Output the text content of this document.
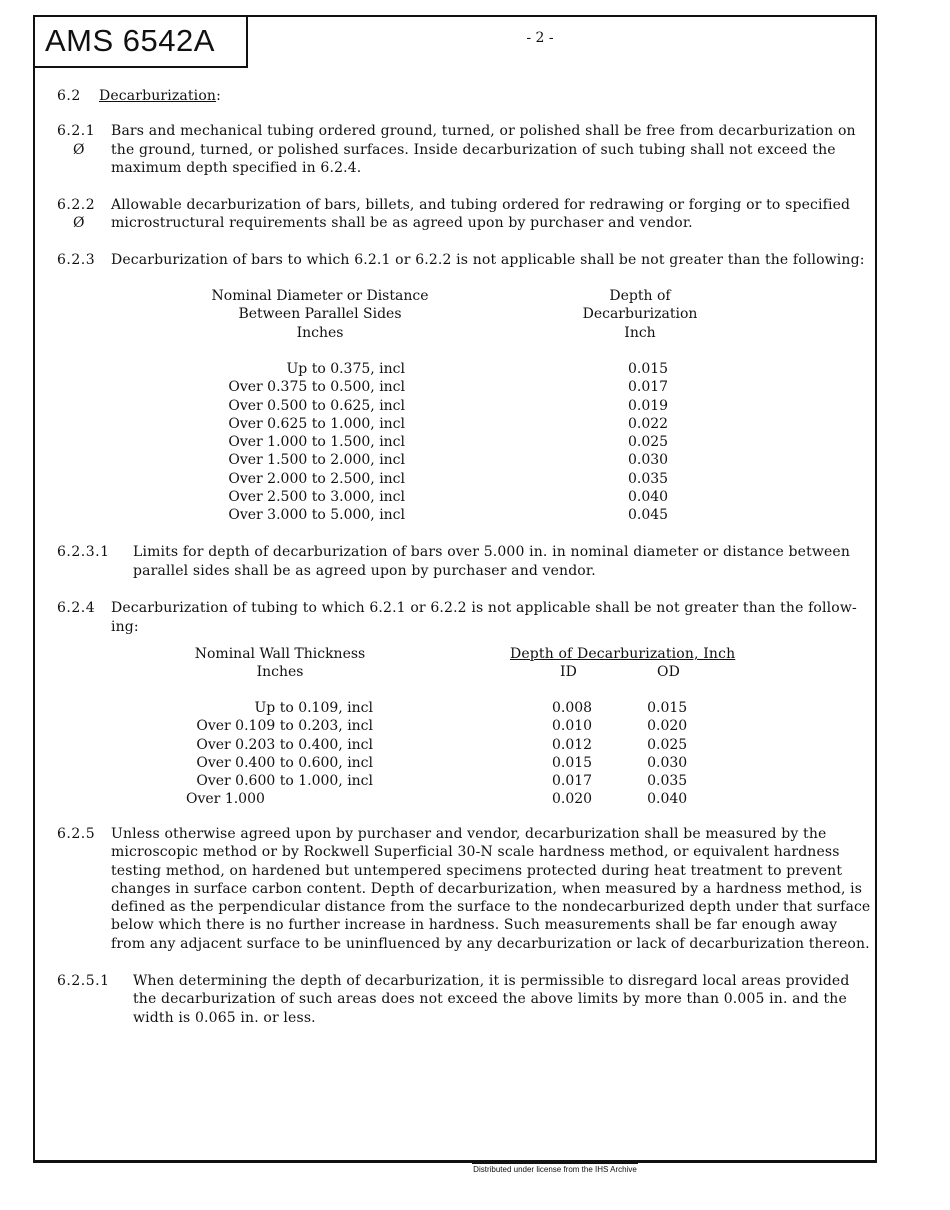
AMS 6542A	- 2 -
6.2 Decarburization:
6.2.1
Ø
Bars and mechanical tubing ordered ground, turned, or polished shall be free from decarburization on
the ground, turned, or polished surfaces. Inside decarburization of such tubing shall not exceed the
maximum depth specified in 6.2.4.
6.2.2
Ø
Allowable decarburization of bars, billets, and tubing ordered for redrawing or forging or to specified
microstructural requirements shall be as agreed upon by purchaser and vendor.
6.2.3 Decarburization of bars to which 6.2.1 or 6.2.2 is not applicable shall be not greater than the following:
Nominal Diameter or Distance
Between Parallel Sides
Inches
Depth of
Decarburization
Inch
Up to 0.375, incl	0.015
Over 0.375 to 0.500, incl	0.017
Over 0.500 to 0.625, incl	0.019
Over 0.625 to 1.000, incl	0.022
Over 1.000 to 1.500, incl	0.025
Over 1.500 to 2.000, incl	0.030
Over 2.000 to 2.500, incl	0.035
Over 2.500 to 3.000, incl	0.040
Over 3.000 to 5.000, incl	0.045
6.2.3.1 Limits for depth of decarburization of bars over 5.000 in. in nominal diameter or distance between
parallel sides shall be as agreed upon by purchaser and vendor.
6.2.4 Decarburization of tubing to which 6.2.1 or 6.2.2 is not applicable shall be not greater than the follow-
ing:
Nominal Wall Thickness
Inches
Depth of Decarburization, Inch
ID	OD
Up to 0.109, incl	0.008	0.015
Over 0.109 to 0.203, incl	0.010	0.020
Over 0.203 to 0.400, incl	0.012	0.025
Over 0.400 to 0.600, incl	0.015	0.030
Over 0.600 to 1.000, incl	0.017	0.035
Over 1.000	0.020	0.040
6.2.5 Unless otherwise agreed upon by purchaser and vendor, decarburization shall be measured by the
microscopic method or by Rockwell Superficial 30-N scale hardness method, or equivalent hardness
testing method, on hardened but untempered specimens protected during heat treatment to prevent
changes in surface carbon content. Depth of decarburization, when measured by a hardness method, is
defined as the perpendicular distance from the surface to the nondecarburized depth under that surface
below which there is no further increase in hardness. Such measurements shall be far enough away
from any adjacent surface to be uninfluenced by any decarburization or lack of decarburization thereon.
6.2.5.1 When determining the depth of decarburization, it is permissible to disregard local areas provided
the decarburization of such areas does not exceed the above limits by more than 0.005 in. and the
width is 0.065 in. or less.
Distributed under license from the IHS Archive
